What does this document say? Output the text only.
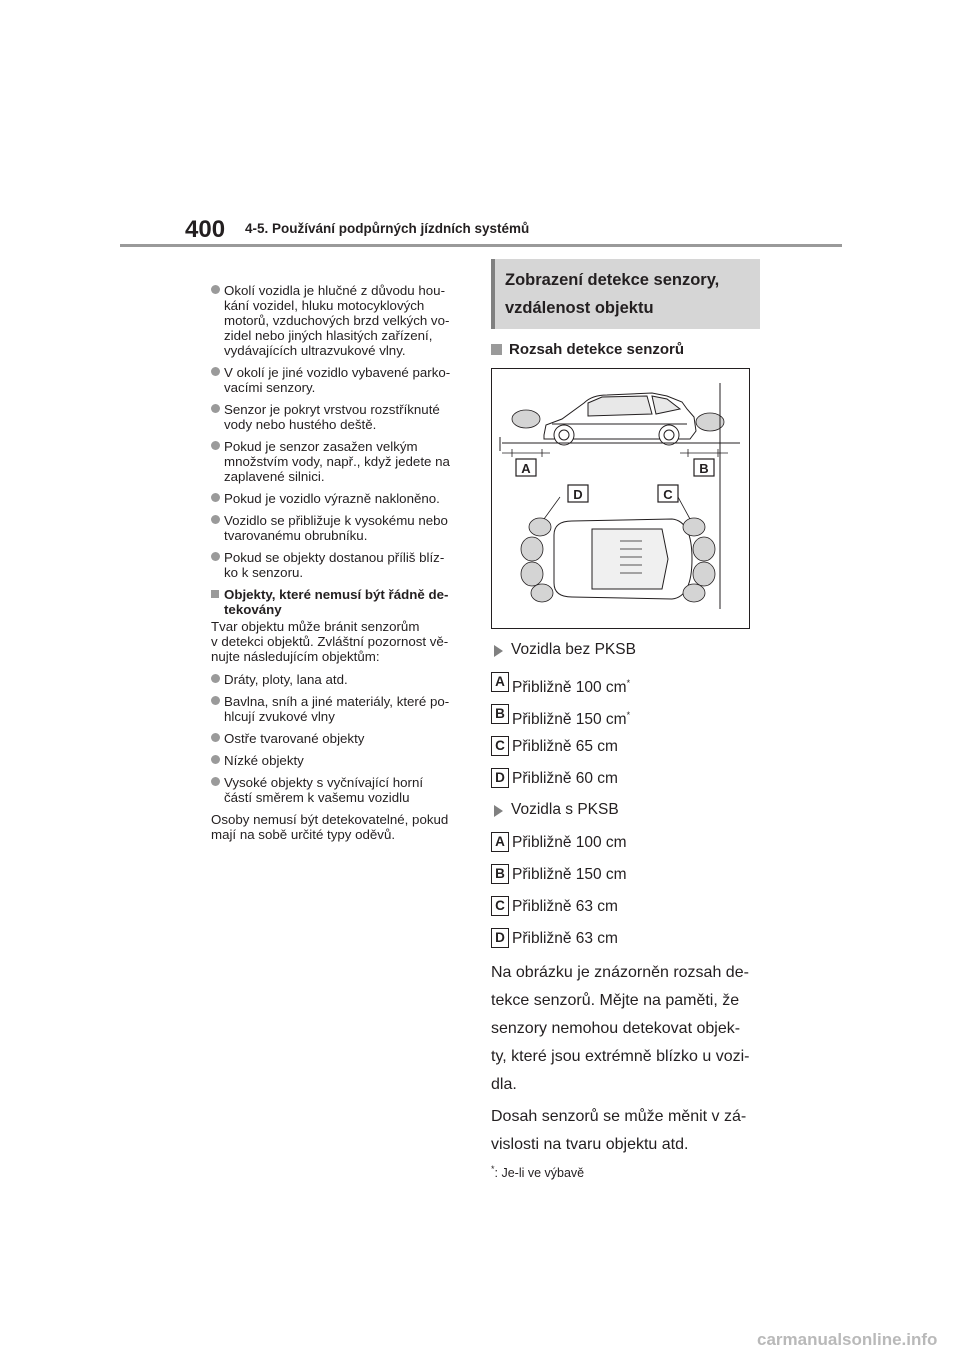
400 4-5. Používání podpůrných jízdních systémů
Okolí vozidla je hlučné z důvodu hou-
kání vozidel, hluku motocyklových
motorů, vzduchových brzd velkých vo-
zidel nebo jiných hlasitých zařízení,
vydávajících ultrazvukové vlny.
V okolí je jiné vozidlo vybavené parko-
vacími senzory.
Senzor je pokryt vrstvou rozstříknuté
vody nebo hustého deště.
Pokud je senzor zasažen velkým
množstvím vody, např., když jedete na
zaplavené silnici.
Pokud je vozidlo výrazně nakloněno.
Vozidlo se přibližuje k vysokému nebo
tvarovanému obrubníku.
Pokud se objekty dostanou příliš blíz-
ko k senzoru.
Objekty, které nemusí být řádně de-
tekovány
Tvar objektu může bránit senzorům
v detekci objektů. Zvláštní pozornost vě-
nujte následujícím objektům:
Dráty, ploty, lana atd.
Bavlna, sníh a jiné materiály, které po-
hlcují zvukové vlny
Ostře tvarované objekty
Nízké objekty
Vysoké objekty s vyčnívající horní
částí směrem k vašemu vozidlu
Osoby nemusí být detekovatelné, pokud
mají na sobě určité typy oděvů.
Zobrazení detekce senzory,
vzdálenost objektu
Rozsah detekce senzorů
A	B
D	C
Vozidla bez PKSB
A Přibližně 100 cm*
B Přibližně 150 cm*
C Přibližně 65 cm
D Přibližně 60 cm
Vozidla s PKSB
A Přibližně 100 cm
B Přibližně 150 cm
C Přibližně 63 cm
D Přibližně 63 cm
Na obrázku je znázorněn rozsah de-
tekce senzorů. Mějte na paměti, že
senzory nemohou detekovat objek-
ty, které jsou extrémně blízko u vozi-
dla.
Dosah senzorů se může měnit v zá- vislosti na tvaru objektu atd.
*: Je-li ve výbavě
carmanualsonline.info
